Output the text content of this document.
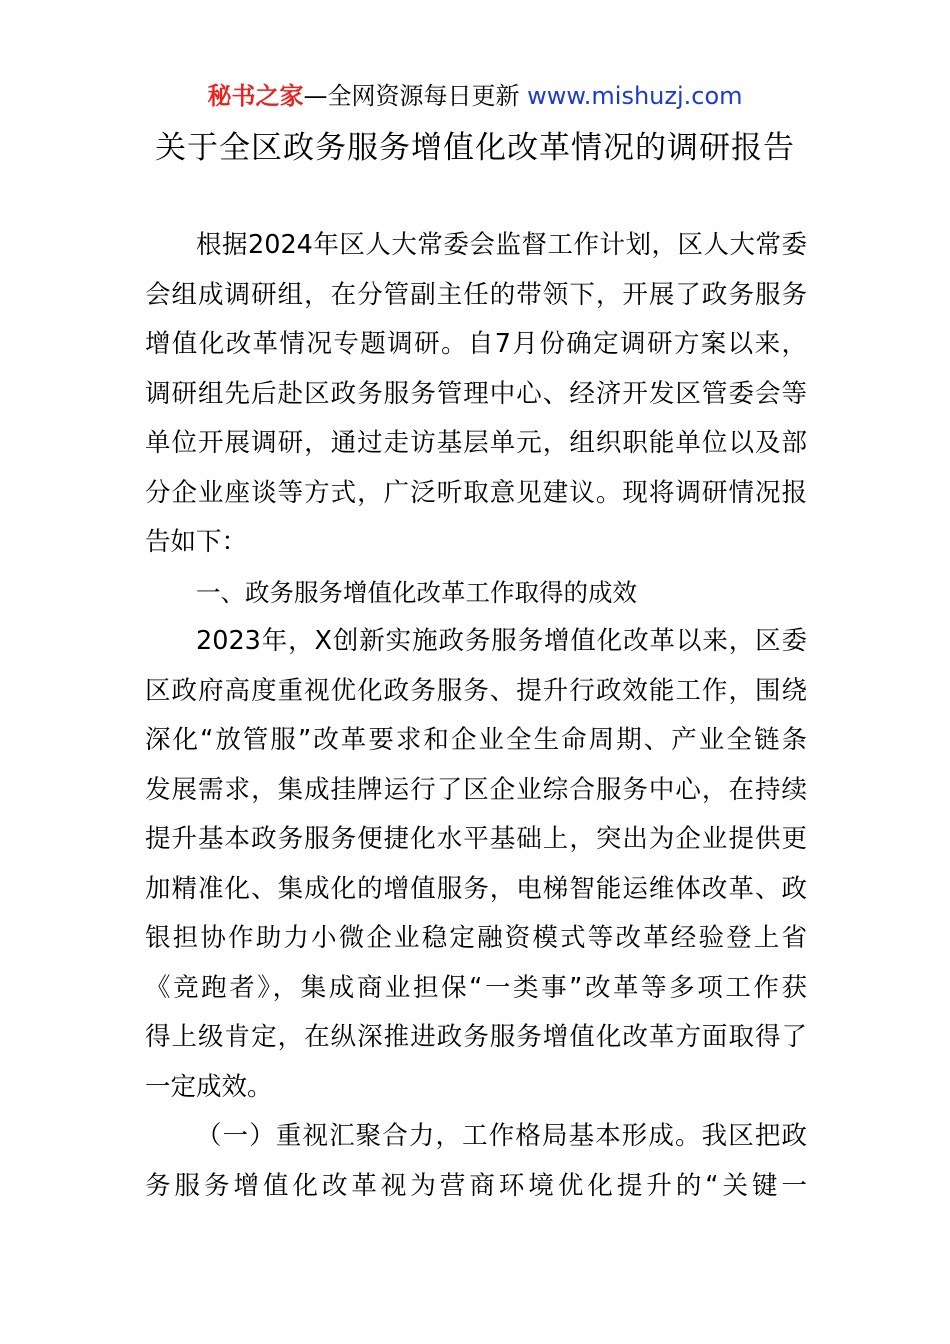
秘书之家—全网资源每日更新 www.mishuzj.com
关于全区政务服务增值化改革情况的调研报告
根据2024年区人大常委会监督工作计划，区人大常委
会组成调研组，在分管副主任的带领下，开展了政务服务
增值化改革情况专题调研。自7月份确定调研方案以来，
调研组先后赴区政务服务管理中心、经济开发区管委会等
单位开展调研，通过走访基层单元，组织职能单位以及部
分企业座谈等方式，广泛听取意见建议。现将调研情况报
告如下：
一、政务服务增值化改革工作取得的成效
2023年，X创新实施政务服务增值化改革以来，区委
区政府高度重视优化政务服务、提升行政效能工作，围绕
深化“放管服”改革要求和企业全生命周期、产业全链条
发展需求，集成挂牌运行了区企业综合服务中心，在持续
提升基本政务服务便捷化水平基础上，突出为企业提供更
加精准化、集成化的增值服务，电梯智能运维体改革、政
银担协作助力小微企业稳定融资模式等改革经验登上省
《竞跑者》，集成商业担保“一类事”改革等多项工作获
得上级肯定，在纵深推进政务服务增值化改革方面取得了
一定成效。
（一）重视汇聚合力，工作格局基本形成。我区把政
务服务增值化改革视为营商环境优化提升的“关键一
